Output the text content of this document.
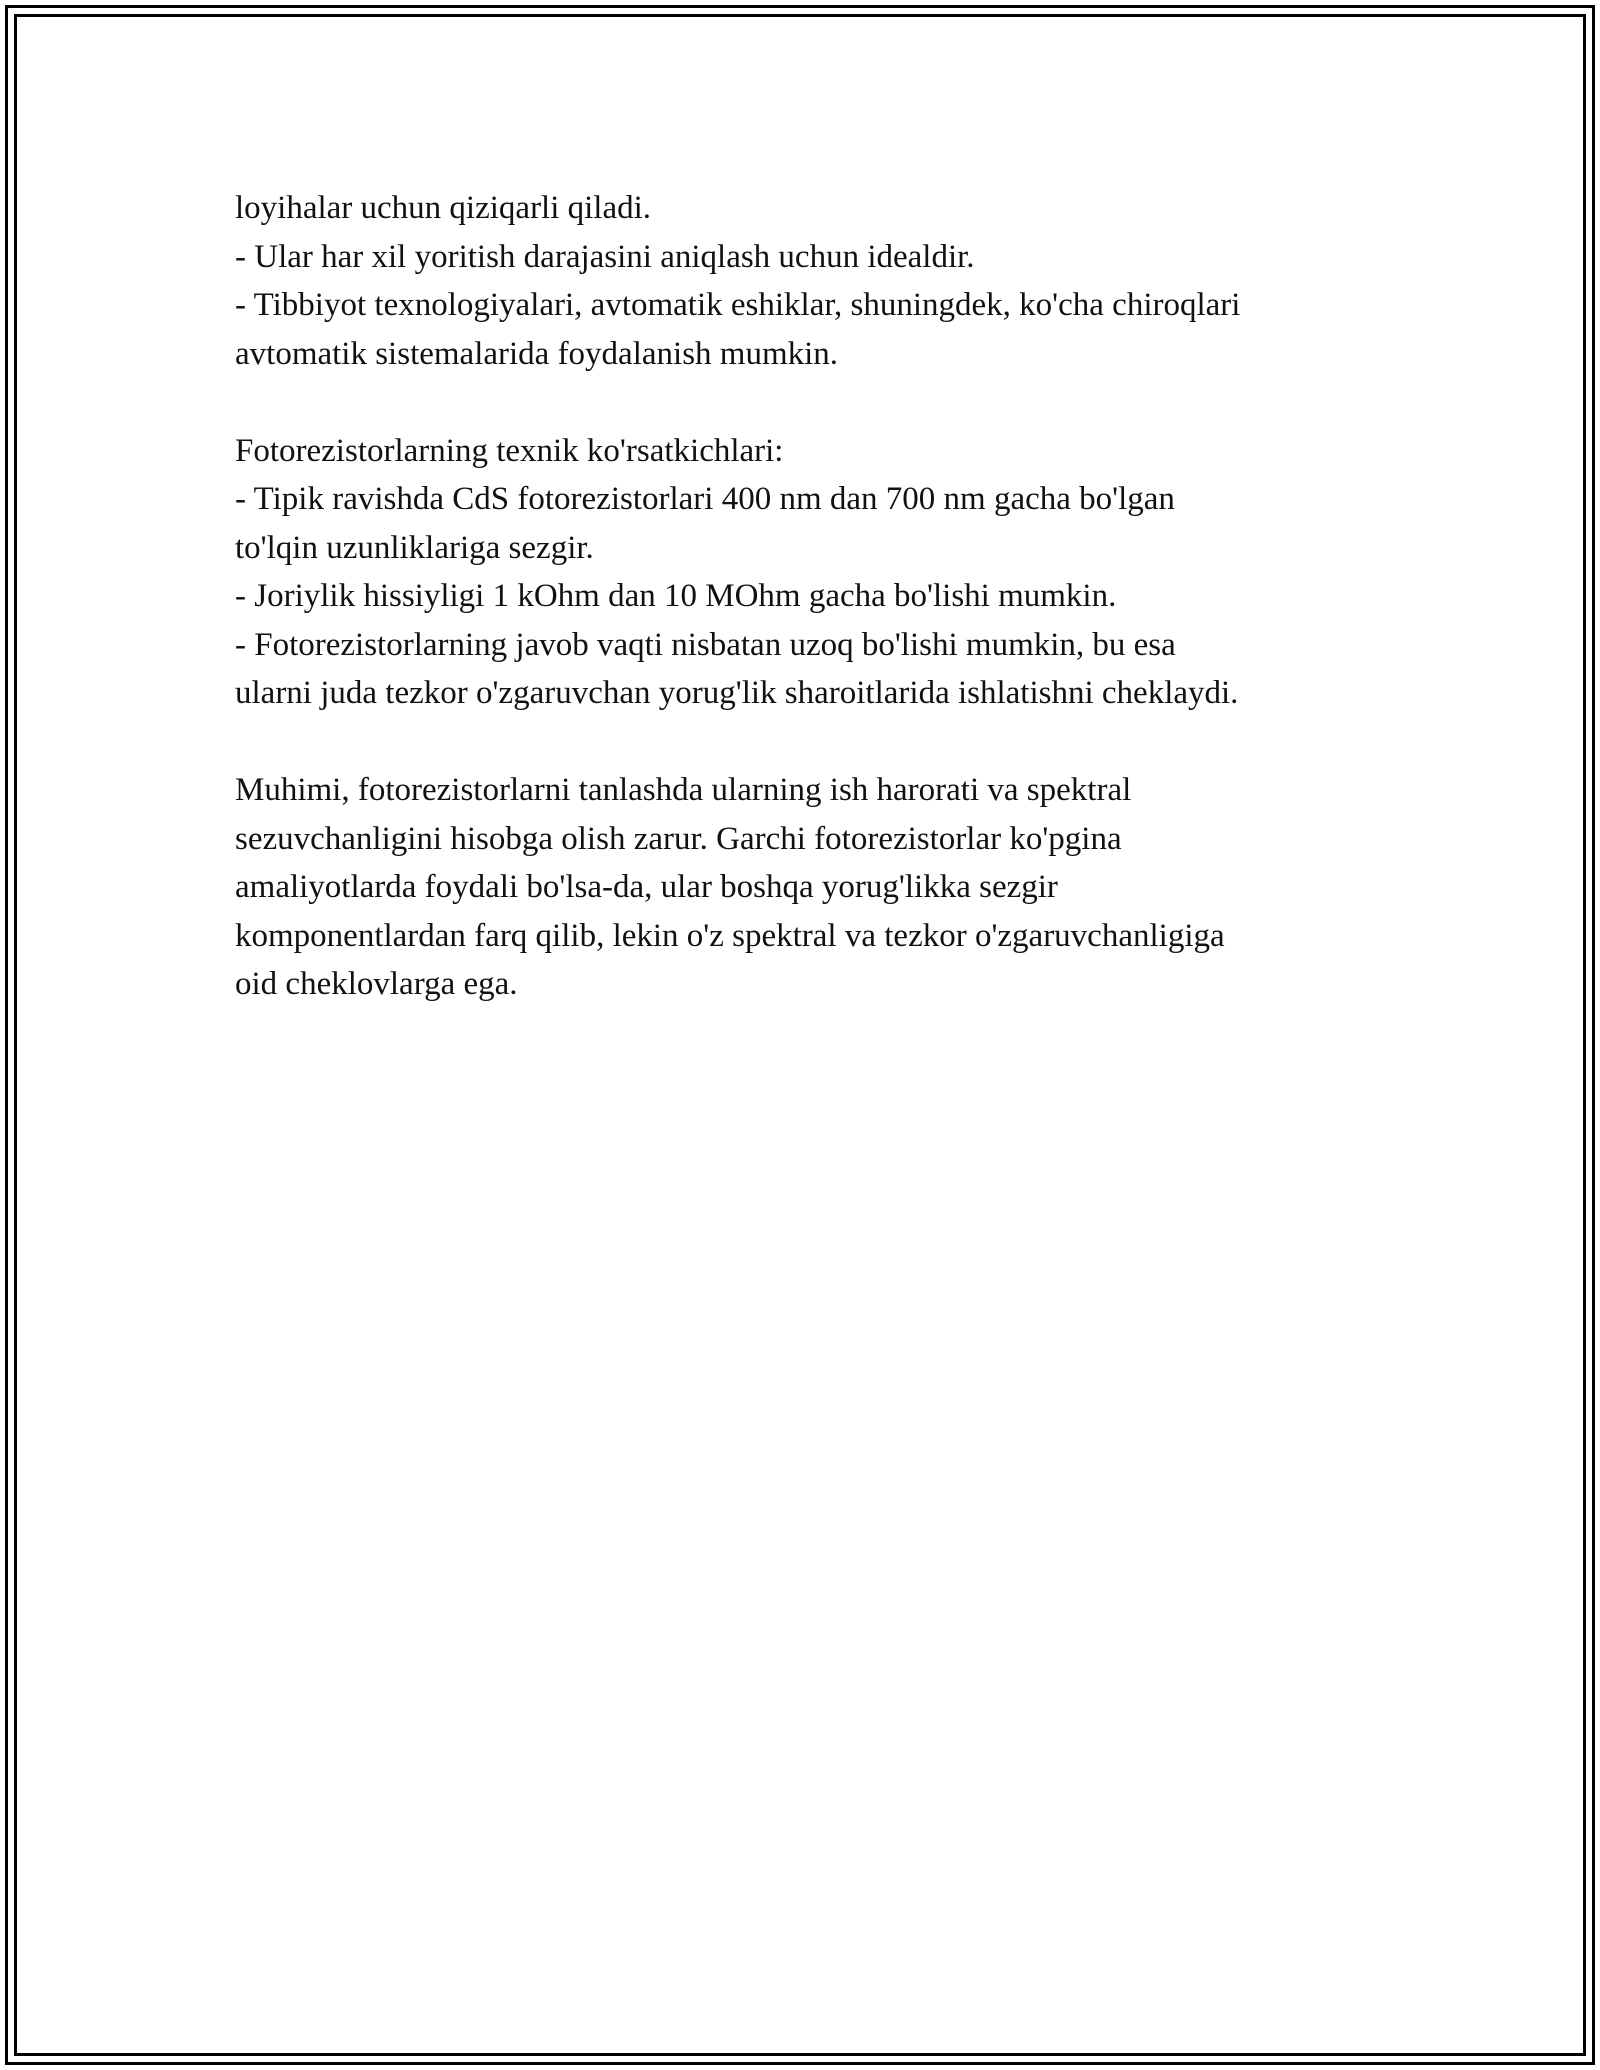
loyihalar uchun qiziqarli qiladi.
- Ular har xil yoritish darajasini aniqlash uchun idealdir.
- Tibbiyot texnologiyalari, avtomatik eshiklar, shuningdek, ko'cha chiroqlari
avtomatik sistemalarida foydalanish mumkin.
Fotorezistorlarning texnik ko'rsatkichlari:
- Tipik ravishda CdS fotorezistorlari 400 nm dan 700 nm gacha bo'lgan
to'lqin uzunliklariga sezgir.
- Joriylik hissiyligi 1 kOhm dan 10 MOhm gacha bo'lishi mumkin.
- Fotorezistorlarning javob vaqti nisbatan uzoq bo'lishi mumkin, bu esa
ularni juda tezkor o'zgaruvchan yorug'lik sharoitlarida ishlatishni cheklaydi.
Muhimi, fotorezistorlarni tanlashda ularning ish harorati va spektral
sezuvchanligini hisobga olish zarur. Garchi fotorezistorlar ko'pgina
amaliyotlarda foydali bo'lsa-da, ular boshqa yorug'likka sezgir
komponentlardan farq qilib, lekin o'z spektral va tezkor o'zgaruvchanligiga
oid cheklovlarga ega.
